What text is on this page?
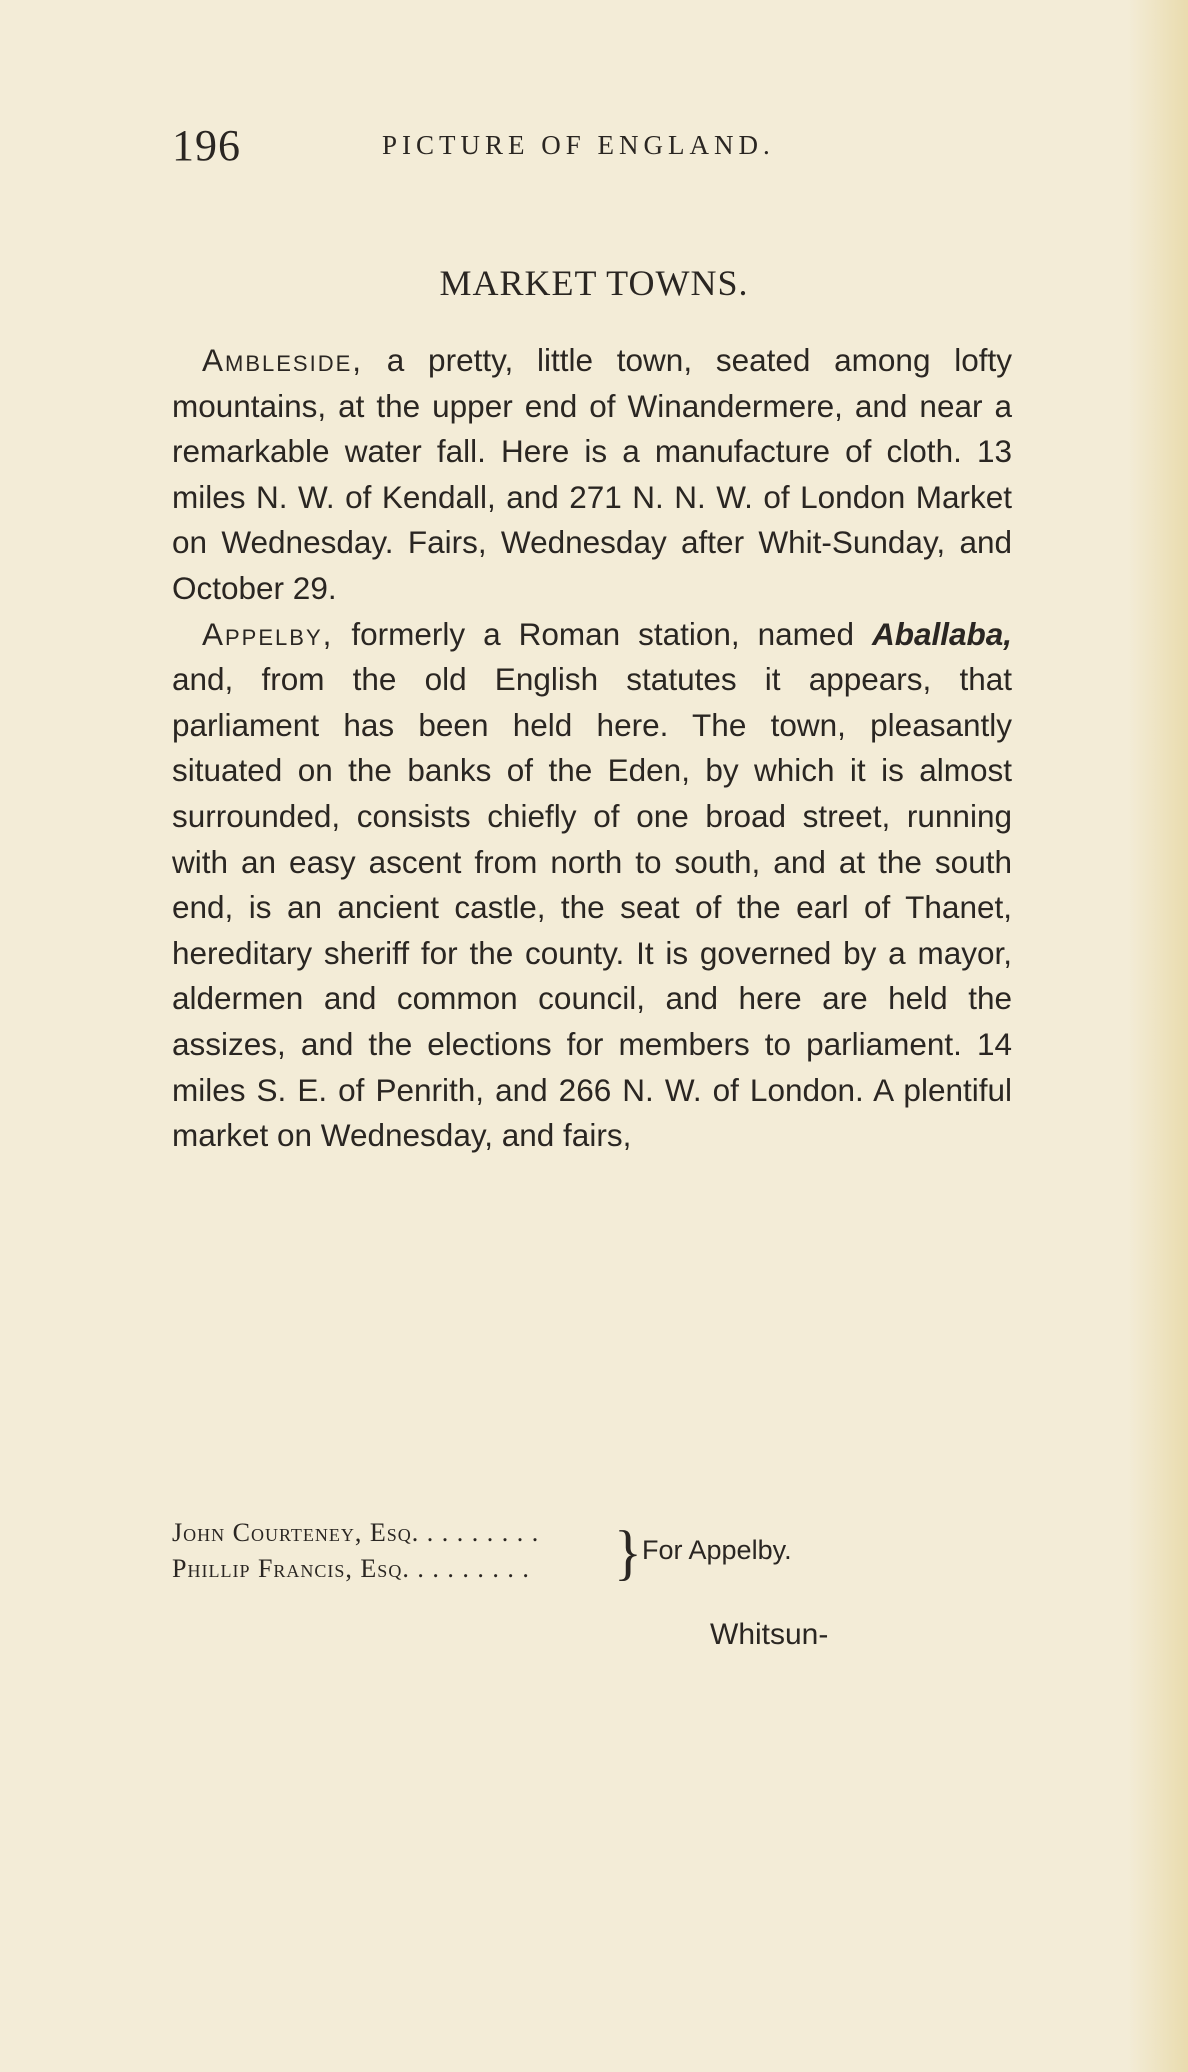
196	PICTURE OF ENGLAND.
MARKET TOWNS.

Ambleside, a pretty, little town, seated among lofty mountains, at the upper end of Winandermere, and near a remarkable water fall. Here is a manufacture of cloth. 13 miles N. W. of Kendall, and 271 N. N. W. of London Market on Wednesday. Fairs, Wednesday after Whit-Sunday, and October 29.

Appelby, formerly a Roman station, named Aballaba, and, from the old English statutes it appears, that parliament has been held here. The town, pleasantly situated on the banks of the Eden, by which it is almost surrounded, consists chiefly of one broad street, running with an easy ascent from north to south, and at the south end, is an ancient castle, the seat of the earl of Thanet, hereditary sheriff for the county. It is governed by a mayor, aldermen and common council, and here are held the assizes, and the elections for members to parliament. 14 miles S. E. of Penrith, and 266 N. W. of London. A plentiful market on Wednesday, and fairs,

John Courteney, Esq. . . . . . . . .
Phillip Francis, Esq. . . . . . . . . } For Appelby.
Whitsun-
